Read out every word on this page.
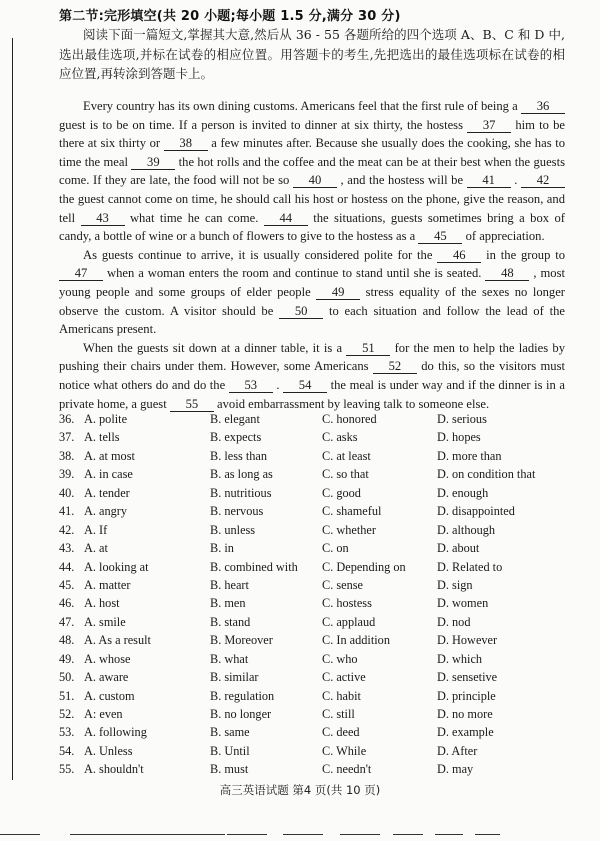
第二节:完形填空(共 20 小题;每小题 1.5 分,满分 30 分)
阅读下面一篇短文,掌握其大意,然后从 36 - 55 各题所给的四个选项 A、B、C 和 D 中,选出最佳选项,并标在试卷的相应位置。用答题卡的考生,先把选出的最佳选项标在试卷的相应位置,再转涂到答题卡上。

Every country has its own dining customs. Americans feel that the first rule of being a 36 guest is to be on time. If a person is invited to dinner at six thirty, the hostess 37 him to be there at six thirty or 38 a few minutes after. Because she usually does the cooking, she has to time the meal 39 the hot rolls and the coffee and the meat can be at their best when the guests come. If they are late, the food will not be so 40 , and the hostess will be 41 . 42 the guest cannot come on time, he should call his host or hostess on the phone, give the reason, and tell 43 what time he can come. 44 the situations, guests sometimes bring a box of candy, a bottle of wine or a bunch of flowers to give to the hostess as a 45 of appreciation.

As guests continue to arrive, it is usually considered polite for the 46 in the group to 47 when a woman enters the room and continue to stand until she is seated. 48 , most young people and some groups of elder people 49 stress equality of the sexes no longer observe the custom. A visitor should be 50 to each situation and follow the lead of the Americans present.

When the guests sit down at a dinner table, it is a 51 for the men to help the ladies by pushing their chairs under them. However, some Americans 52 do this, so the visitors must notice what others do and do the 53 . 54 the meal is under way and if the dinner is in a private home, a guest 55 avoid embarrassment by leaving talk to someone else.

36. A. polite	B. elegant	C. honored	D. serious
37. A. tells	B. expects	C. asks	D. hopes
38. A. at most	B. less than	C. at least	D. more than
39. A. in case	B. as long as	C. so that	D. on condition that
40. A. tender	B. nutritious	C. good	D. enough
41. A. angry	B. nervous	C. shameful	D. disappointed
42. A. If	B. unless	C. whether	D. although
43. A. at	B. in	C. on	D. about
44. A. looking at	B. combined with C. Depending on	D. Related to
45. A. matter	B. heart	C. sense	D. sign
46. A. host	B. men	C. hostess	D. women
47. A. smile	B. stand	C. applaud	D. nod
48. A. As a result	B. Moreover	C. In addition	D. However
49. A. whose	B. what	C. who	D. which
50. A. aware	B. similar	C. active	D. sensetive
51. A. custom	B. regulation	C. habit	D. principle
52. A: even	B. no longer	C. still	D. no more
53. A. following	B. same	C. deed	D. example
54. A. Unless	B. Until	C. While	D. After
55. A. shouldn't	B. must	C. needn't	D. may
高三英语试题 第4 页(共 10 页)
